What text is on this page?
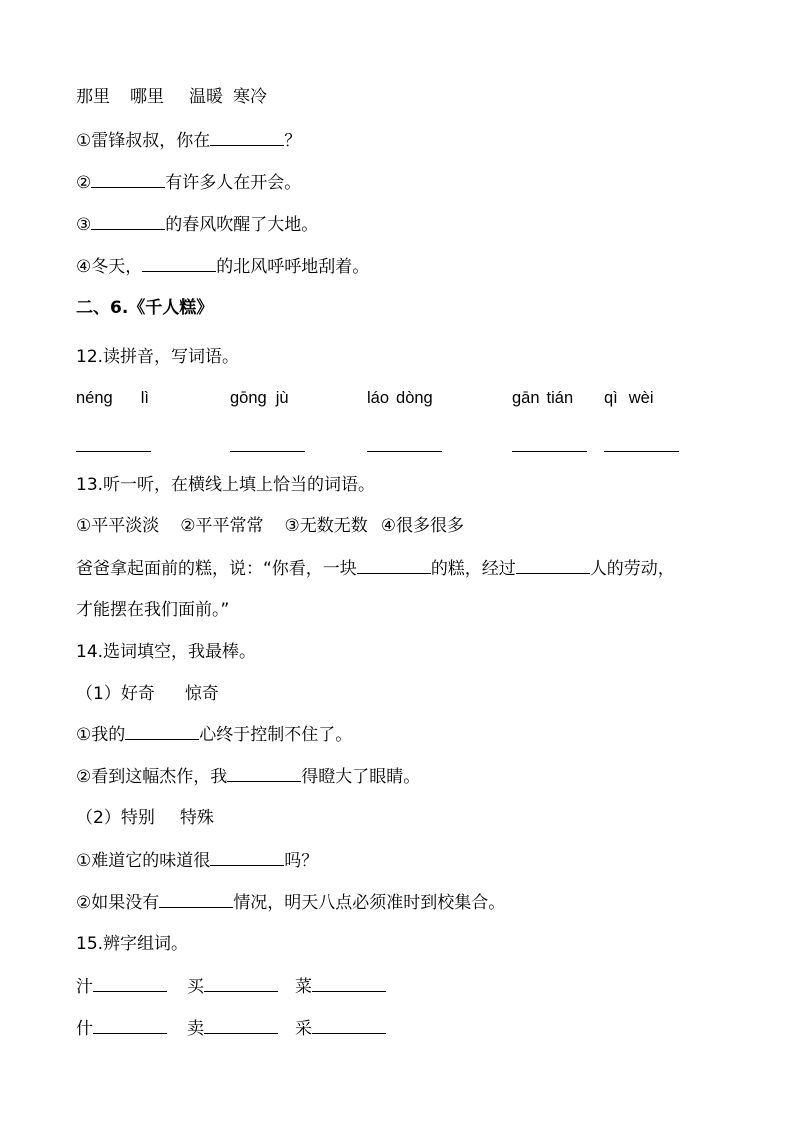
那里 哪里 温暖 寒冷
①雷锋叔叔，你在	？
②	有许多人在开会。
③	的春风吹醒了大地。
④冬天，	的北风呼呼地刮着。
二、6.《千人糕》
12.读拼音，写词语。
néng lì	gōng jù	láo dòng	gān tián qì wèi
13.听一听，在横线上填上恰当的词语。
①平平淡淡 ②平平常常 ③无数无数 ④很多很多
爸爸拿起面前的糕，说：“你看，一块	的糕，经过	人的劳动，
才能摆在我们面前。”
14.选词填空，我最棒。
（1）好奇 惊奇
①我的	心终于控制不住了。
②看到这幅杰作，我	得瞪大了眼睛。
（2）特别 特殊
①难道它的味道很	吗？
②如果没有	情况，明天八点必须准时到校集合。
15.辨字组词。
汁	买	菜
什	卖	采
